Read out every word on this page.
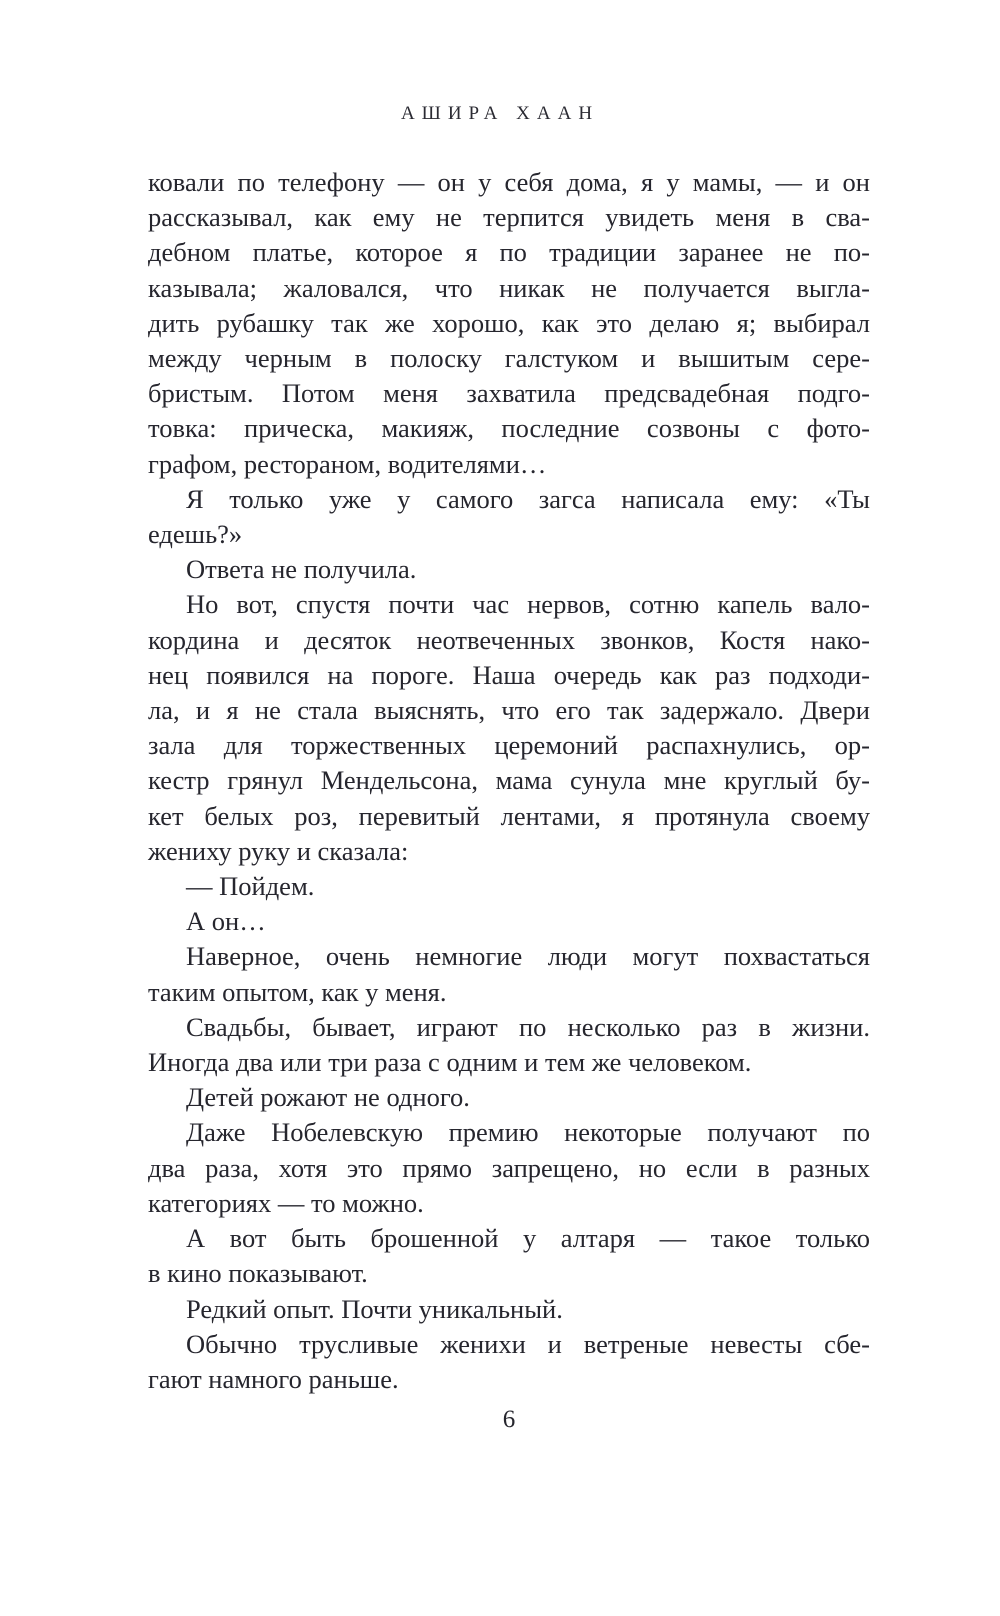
АШИРА ХААН
ковали по телефону — он у себя дома, я у мамы, — и он
рассказывал, как ему не терпится увидеть меня в сва-
дебном платье, которое я по традиции заранее не по-
казывала; жаловался, что никак не получается выгла-
дить рубашку так же хорошо, как это делаю я; выбирал
между черным в полоску галстуком и вышитым сере-
бристым. Потом меня захватила предсвадебная подго-
товка: прическа, макияж, последние созвоны с фото-
графом, рестораном, водителями…
Я только уже у самого загса написала ему: «Ты
едешь?»
Ответа не получила.
Но вот, спустя почти час нервов, сотню капель вало-
кордина и десяток неотвеченных звонков, Костя нако-
нец появился на пороге. Наша очередь как раз подходи-
ла, и я не стала выяснять, что его так задержало. Двери
зала для торжественных церемоний распахнулись, ор-
кестр грянул Мендельсона, мама сунула мне круглый бу-
кет белых роз, перевитый лентами, я протянула своему
жениху руку и сказала:
— Пойдем.
А он…
Наверное, очень немногие люди могут похвастаться
таким опытом, как у меня.
Свадьбы, бывает, играют по несколько раз в жизни.
Иногда два или три раза с одним и тем же человеком.
Детей рожают не одного.
Даже Нобелевскую премию некоторые получают по
два раза, хотя это прямо запрещено, но если в разных
категориях — то можно.
А вот быть брошенной у алтаря — такое только
в кино показывают.
Редкий опыт. Почти уникальный.
Обычно трусливые женихи и ветреные невесты сбе-
гают намного раньше.
6
